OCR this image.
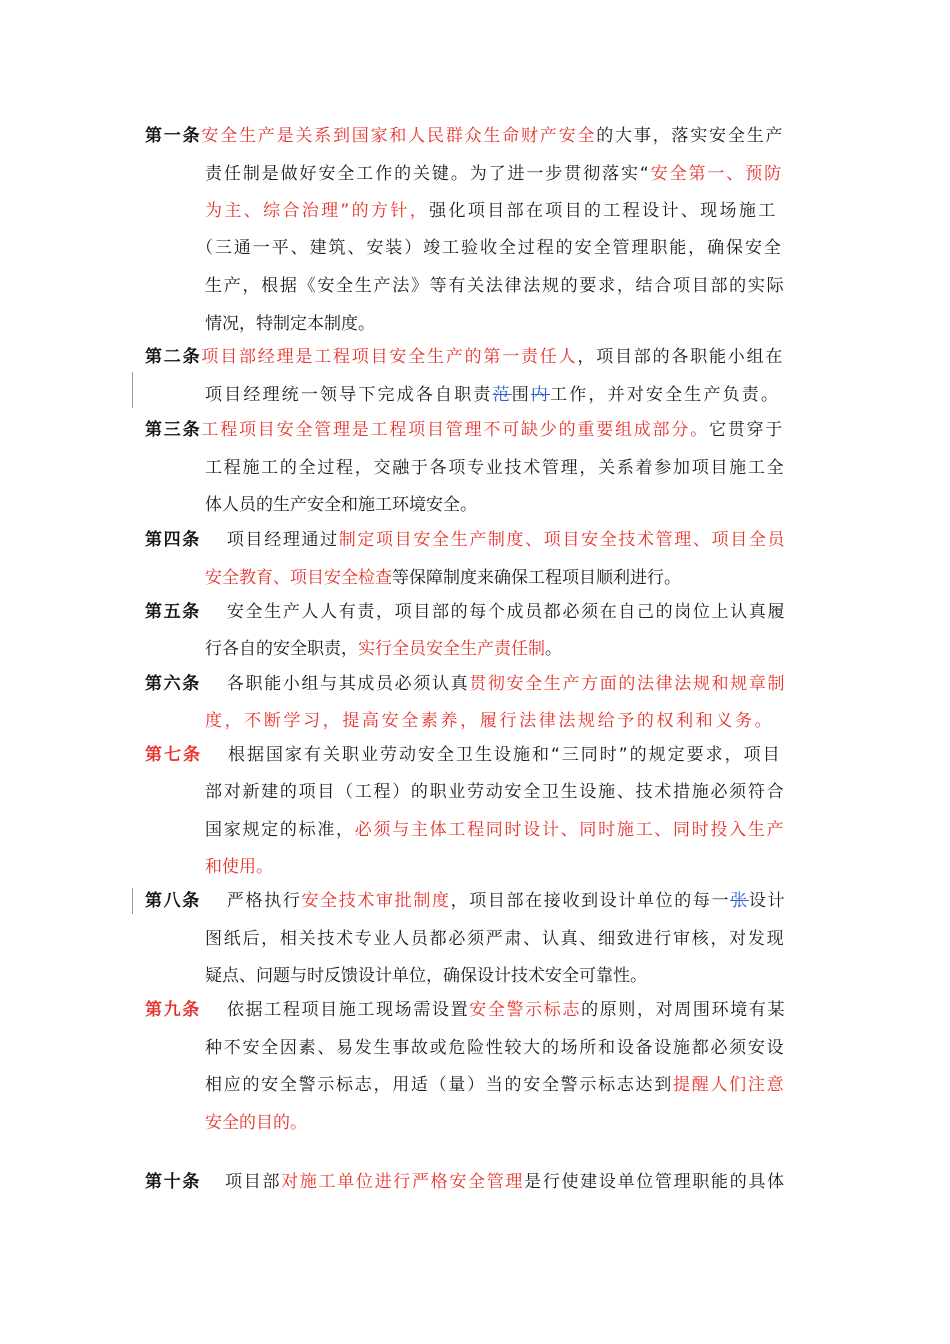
第一条安全生产是关系到国家和人民群众生命财产安全的大事，落实安全生产
责任制是做好安全工作的关键。为了进一步贯彻落实“安全第一、预防
为主、综合治理”的方针，强化项目部在项目的工程设计、现场施工
（三通一平、建筑、安装）竣工验收全过程的安全管理职能，确保安全
生产，根据《安全生产法》等有关法律法规的要求，结合项目部的实际
情况，特制定本制度。
第二条项目部经理是工程项目安全生产的第一责任人，项目部的各职能小组在
项目经理统一领导下完成各自职责范围内工作，并对安全生产负责。
第三条工程项目安全管理是工程项目管理不可缺少的重要组成部分。它贯穿于
工程施工的全过程，交融于各项专业技术管理，关系着参加项目施工全
体人员的生产安全和施工环境安全。
第四条 项目经理通过制定项目安全生产制度、项目安全技术管理、项目全员
安全教育、项目安全检查等保障制度来确保工程项目顺利进行。
第五条 安全生产人人有责，项目部的每个成员都必须在自己的岗位上认真履
行各自的安全职责，实行全员安全生产责任制。
第六条 各职能小组与其成员必须认真贯彻安全生产方面的法律法规和规章制
度，不断学习，提高安全素养，履行法律法规给予的权利和义务。
第七条 根据国家有关职业劳动安全卫生设施和“三同时”的规定要求，项目
部对新建的项目（工程）的职业劳动安全卫生设施、技术措施必须符合
国家规定的标准，必须与主体工程同时设计、同时施工、同时投入生产
和使用。
第八条 严格执行安全技术审批制度，项目部在接收到设计单位的每一张设计
图纸后，相关技术专业人员都必须严肃、认真、细致进行审核，对发现
疑点、问题与时反馈设计单位，确保设计技术安全可靠性。
第九条 依据工程项目施工现场需设置安全警示标志的原则，对周围环境有某
种不安全因素、易发生事故或危险性较大的场所和设备设施都必须安设
相应的安全警示标志，用适（量）当的安全警示标志达到提醒人们注意
安全的目的。
第十条 项目部对施工单位进行严格安全管理是行使建设单位管理职能的具体
